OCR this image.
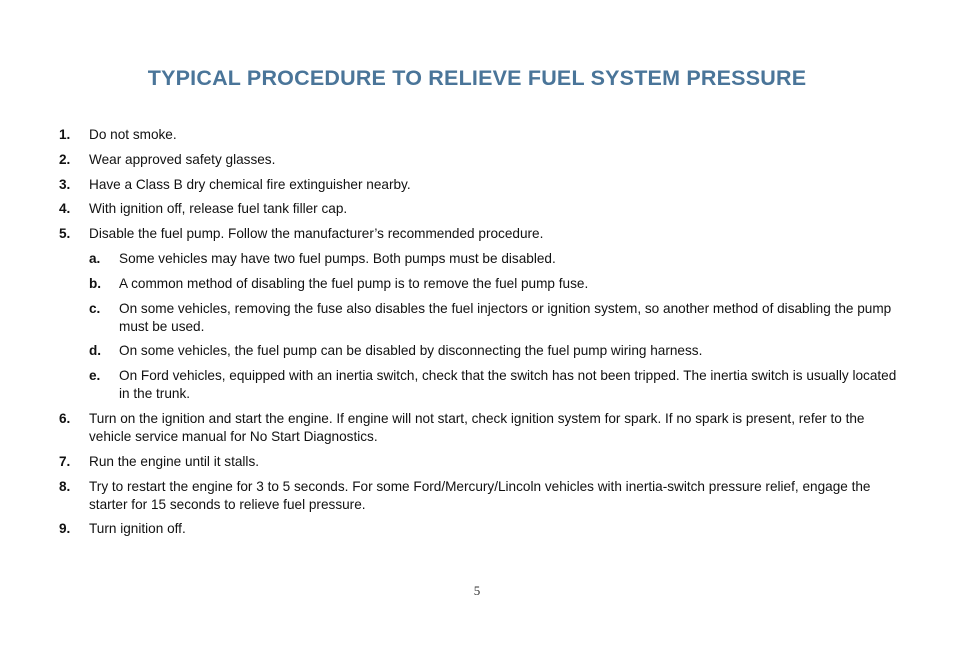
TYPICAL PROCEDURE TO RELIEVE FUEL SYSTEM PRESSURE
1. Do not smoke.
2. Wear approved safety glasses.
3. Have a Class B dry chemical fire extinguisher nearby.
4. With ignition off, release fuel tank filler cap.
5. Disable the fuel pump. Follow the manufacturer’s recommended procedure.
a. Some vehicles may have two fuel pumps. Both pumps must be disabled.
b. A common method of disabling the fuel pump is to remove the fuel pump fuse.
c. On some vehicles, removing the fuse also disables the fuel injectors or ignition system, so another method of disabling the pump must be used.
d. On some vehicles, the fuel pump can be disabled by disconnecting the fuel pump wiring harness.
e. On Ford vehicles, equipped with an inertia switch, check that the switch has not been tripped. The inertia switch is usually located in the trunk.
6. Turn on the ignition and start the engine. If engine will not start, check ignition system for spark. If no spark is present, refer to the vehicle service manual for No Start Diagnostics.
7. Run the engine until it stalls.
8. Try to restart the engine for 3 to 5 seconds. For some Ford/Mercury/Lincoln vehicles with inertia-switch pressure relief, engage the starter for 15 seconds to relieve fuel pressure.
9. Turn ignition off.
5
